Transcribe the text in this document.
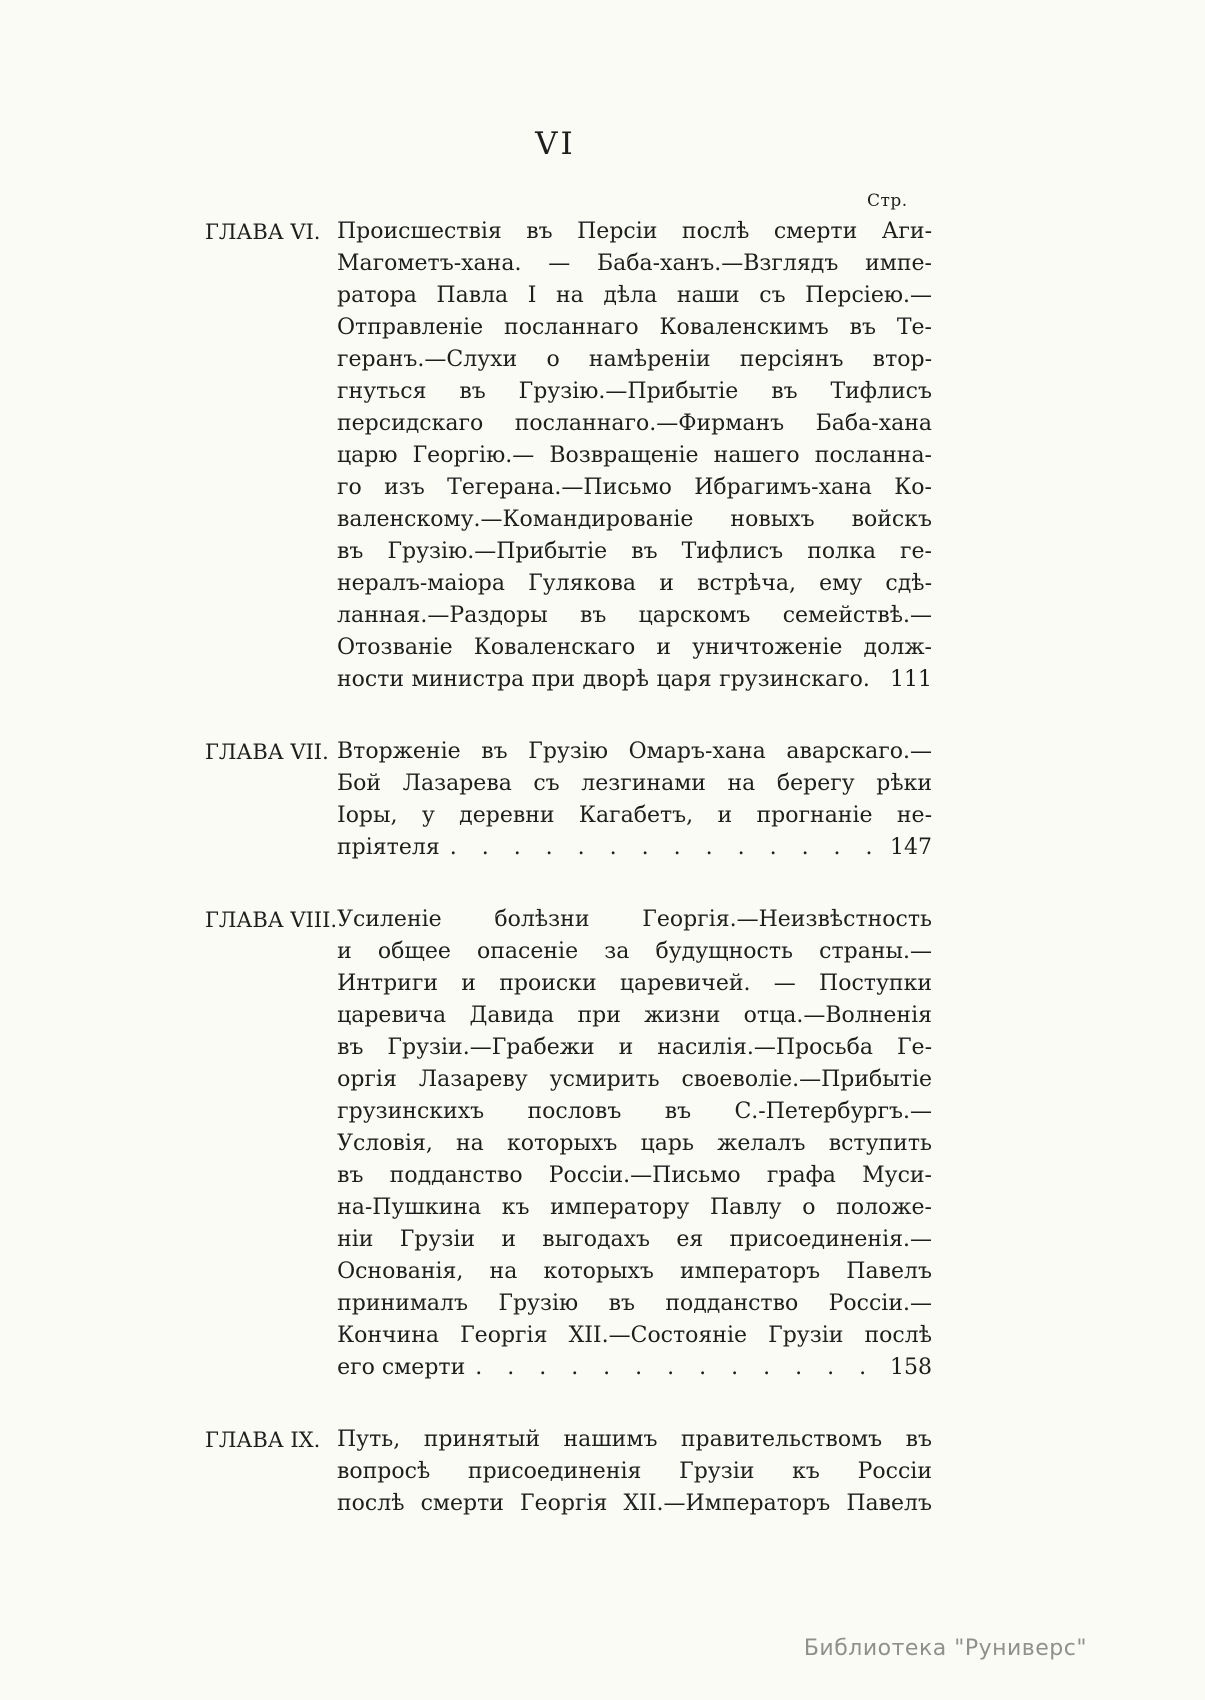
VI
Стр.
ГЛАВА VI. Происшествія въ Персіи послѣ смерти Аги-
Магометъ-хана. — Баба-ханъ.—Взглядъ импе-
ратора Павла I на дѣла наши съ Персіею.—
Отправленіе посланнаго Коваленскимъ въ Те-
геранъ.—Слухи о намѣреніи персіянъ втор-
гнуться въ Грузію.—Прибытіе въ Тифлисъ
персидскаго посланнаго.—Фирманъ Баба-хана
царю Георгію.— Возвращеніе нашего посланна-
го изъ Тегерана.—Письмо Ибрагимъ-хана Ко-
валенскому.—Командированіе новыхъ войскъ
въ Грузію.—Прибытіе въ Тифлисъ полка ге-
нералъ-маіора Гулякова и встрѣча, ему сдѣ-
ланная.—Раздоры въ царскомъ семействѣ.—
Отозваніе Коваленскаго и уничтоженіе долж-
ности министра при дворѣ царя грузинскаго. 111
ГЛАВА VII. Вторженіе въ Грузію Омаръ-хана аварскаго.—
Бой Лазарева съ лезгинами на берегу рѣки
Іоры, у деревни Кагабетъ, и прогнаніе не-
пріятеля . .	147
ГЛАВА VIII. Усиленіе болѣзни Георгія.—Неизвѣстность
и общее опасеніе за будущность страны.—
Интриги и происки царевичей. — Поступки
царевича Давида при жизни отца.—Волненія
въ Грузіи.—Грабежи и насилія.—Просьба Ге-
оргія Лазареву усмирить своеволіе.—Прибытіе
грузинскихъ пословъ въ С.-Петербургъ.—
Условія, на которыхъ царь желалъ вступить
въ подданство Россіи.—Письмо графа Муси-
на-Пушкина къ императору Павлу о положе-
ніи Грузіи и выгодахъ ея присоединенія.—
Основанія, на которыхъ императоръ Павелъ
принималъ Грузію въ подданство Россіи.—
Кончина Георгія XII.—Состояніе Грузіи послѣ
его смерти . .	158
ГЛАВА IX. Путь, принятый нашимъ правительствомъ въ
вопросѣ присоединенія Грузіи къ Россіи
послѣ смерти Георгія XII.—Императоръ Павелъ
Библиотека "Руниверс"
